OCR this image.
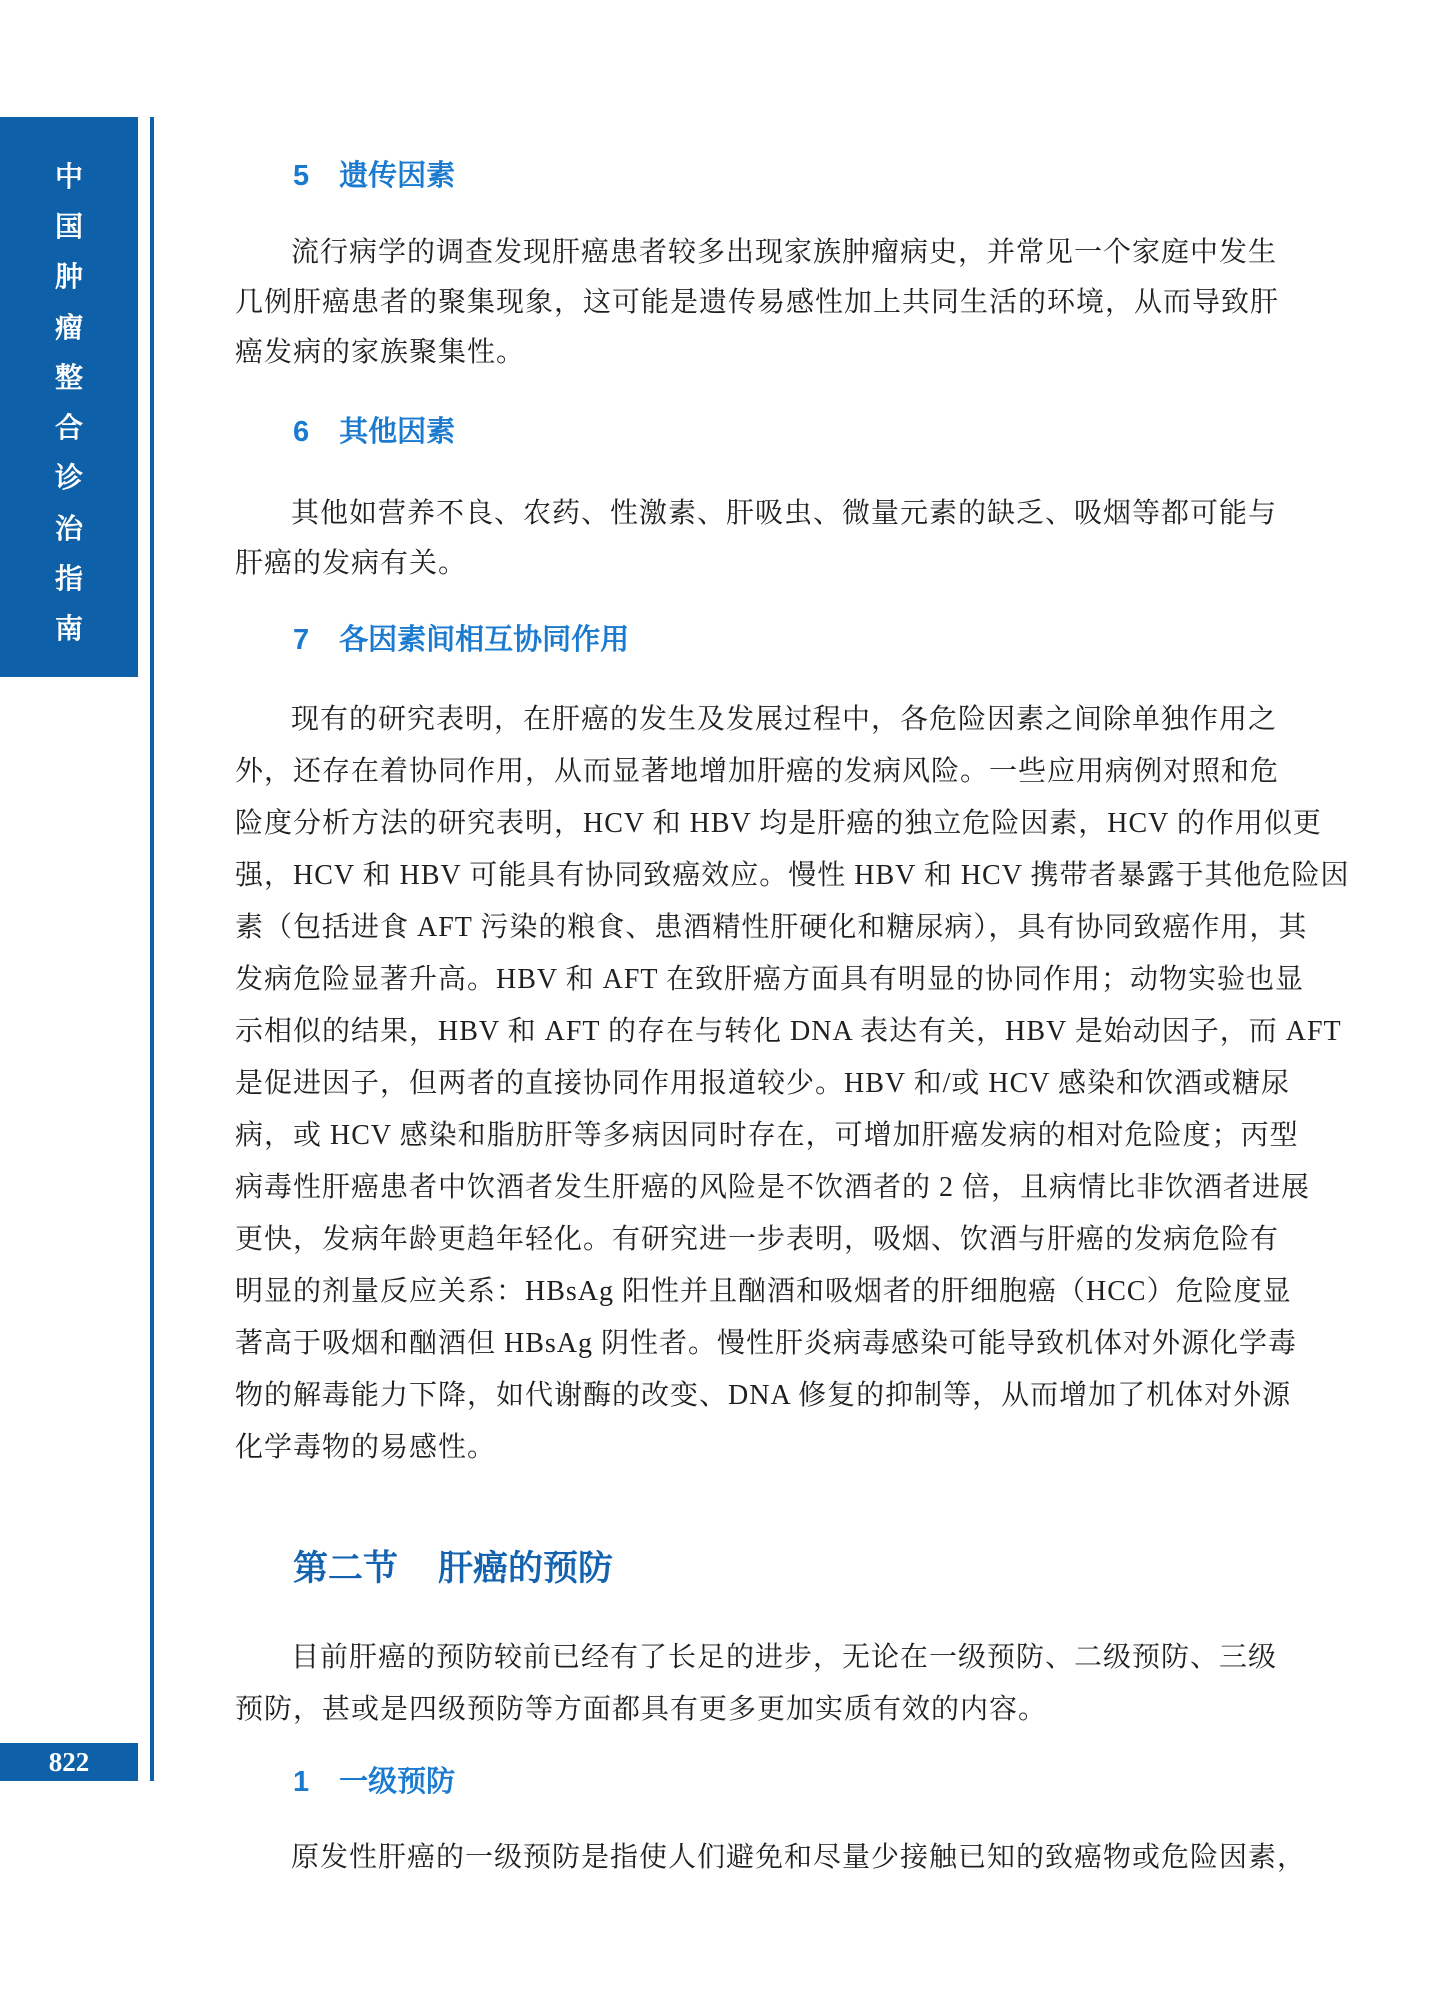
中
国
肿
瘤
整
合
诊
治
指
南
822
5 遗传因素
流行病学的调查发现肝癌患者较多出现家族肿瘤病史，并常见一个家庭中发生
几例肝癌患者的聚集现象，这可能是遗传易感性加上共同生活的环境，从而导致肝
癌发病的家族聚集性。
6 其他因素
其他如营养不良、农药、性激素、肝吸虫、微量元素的缺乏、吸烟等都可能与
肝癌的发病有关。
7 各因素间相互协同作用
现有的研究表明，在肝癌的发生及发展过程中，各危险因素之间除单独作用之
外，还存在着协同作用，从而显著地增加肝癌的发病风险。一些应用病例对照和危
险度分析方法的研究表明，HCV 和 HBV 均是肝癌的独立危险因素，HCV 的作用似更
强，HCV 和 HBV 可能具有协同致癌效应。慢性 HBV 和 HCV 携带者暴露于其他危险因
素（包括进食 AFT 污染的粮食、患酒精性肝硬化和糖尿病），具有协同致癌作用，其
发病危险显著升高。HBV 和 AFT 在致肝癌方面具有明显的协同作用；动物实验也显
示相似的结果，HBV 和 AFT 的存在与转化 DNA 表达有关，HBV 是始动因子，而 AFT
是促进因子，但两者的直接协同作用报道较少。HBV 和/或 HCV 感染和饮酒或糖尿
病，或 HCV 感染和脂肪肝等多病因同时存在，可增加肝癌发病的相对危险度；丙型
病毒性肝癌患者中饮酒者发生肝癌的风险是不饮酒者的 2 倍，且病情比非饮酒者进展
更快，发病年龄更趋年轻化。有研究进一步表明，吸烟、饮酒与肝癌的发病危险有
明显的剂量反应关系：HBsAg 阳性并且酗酒和吸烟者的肝细胞癌（HCC）危险度显
著高于吸烟和酗酒但 HBsAg 阴性者。慢性肝炎病毒感染可能导致机体对外源化学毒
物的解毒能力下降，如代谢酶的改变、DNA 修复的抑制等，从而增加了机体对外源
化学毒物的易感性。
第二节 肝癌的预防
目前肝癌的预防较前已经有了长足的进步，无论在一级预防、二级预防、三级
预防，甚或是四级预防等方面都具有更多更加实质有效的内容。
1 一级预防
原发性肝癌的一级预防是指使人们避免和尽量少接触已知的致癌物或危险因素，
